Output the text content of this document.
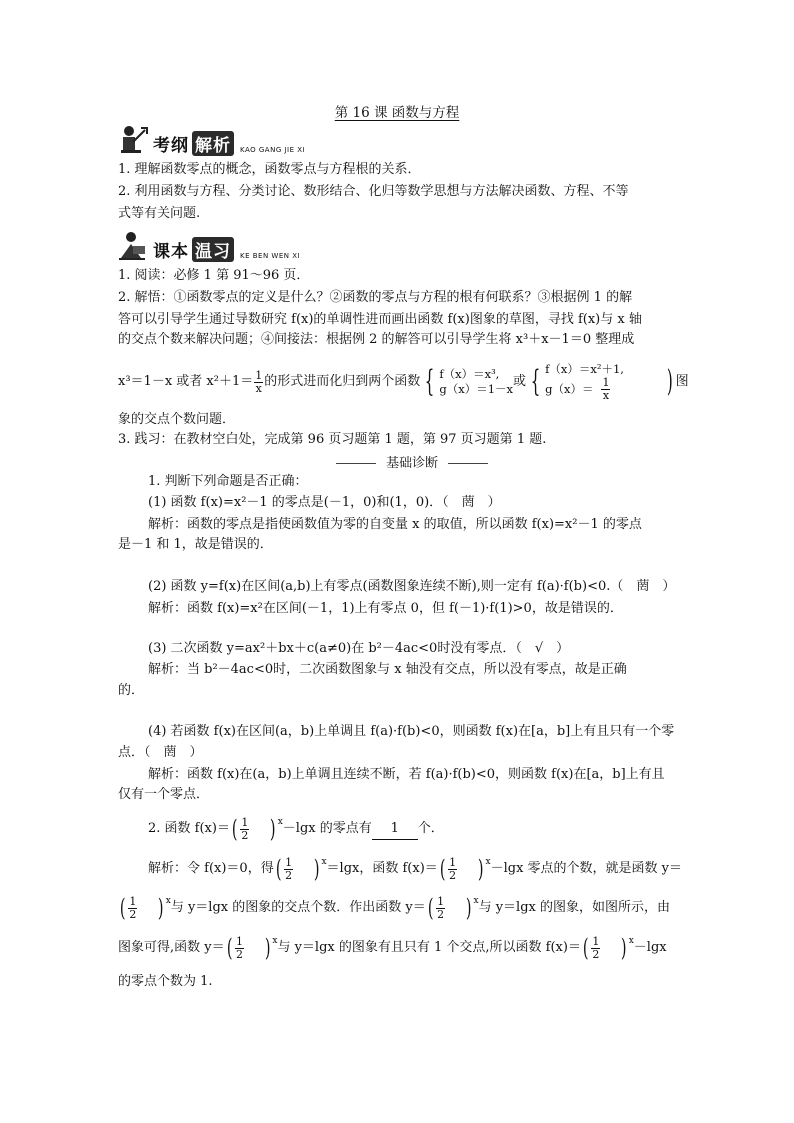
第 16 课 函数与方程
考纲 解析	KAO GANG JIE XI
1. 理解函数零点的概念，函数零点与方程根的关系．
2. 利用函数与方程、分类讨论、数形结合、化归等数学思想与方法解决函数、方程、不等
式等有关问题.
课本 温习	KE BEN WEN XI
1. 阅读：必修 1 第 91～96 页．
2. 解悟：①函数零点的定义是什么？②函数的零点与方程的根有何联系？③根据例 1 的解
答可以引导学生通过导数研究 f(x)的单调性进而画出函数 f(x)图象的草图，寻找 f(x)与 x 轴
的交点个数来解决问题；④间接法：根据例 2 的解答可以引导学生将 x³＋x－1＝0 整理成
x³＝1－x 或者 $x^2+1= \frac{1}{x}$ 的形式进而化归到两个函数 { f（x）＝x³,
g（x）＝1－x 或 { f（x）＝x²＋1,
$g(x)= \frac{1}{x}$ ) 图
象的交点个数问题．
3. 践习：在教材空白处，完成第 96 页习题第 1 题，第 97 页习题第 1 题.
基础诊断
1. 判断下列命题是否正确：
(1) 函数 f(x)=x²－1 的零点是(－1，0)和(1，0)．（　菵　）
解析：函数的零点是指使函数值为零的自变量 x 的取值，所以函数 f(x)=x²－1 的零点
是－1 和 1，故是错误的．
(2) 函数 y=f(x)在区间(a,b)上有零点(函数图象连续不断),则一定有 f(a)·f(b)<0.（　菵　）
解析：函数 f(x)=x²在区间(－1，1)上有零点 0，但 f(－1)·f(1)>0，故是错误的．
(3) 二次函数 y=ax²＋bx＋c(a≠0)在 b²－4ac<0时没有零点．（　√　）
解析：当 b²－4ac<0时，二次函数图象与 x 轴没有交点，所以没有零点，故是正确
的．
(4) 若函数 f(x)在区间(a，b)上单调且 f(a)·f(b)<0，则函数 f(x)在[a，b]上有且只有一个零
点．（　菵　）
解析：函数 f(x)在(a，b)上单调且连续不断，若 f(a)·f(b)<0，则函数 f(x)在[a，b]上有且
仅有一个零点．
2. 函数 f(x)＝ ( $\frac{1}{2}$ ) x －lgx 的零点有	1	个．
解析：令 f(x)＝0，得 ( $\frac{1}{2}$ ) x ＝lgx，函数 f(x)＝ ( $\frac{1}{2}$ ) x －lgx 零点的个数，就是函数 y＝
( $\frac{1}{2}$ ) x 与 y＝lgx 的图象的交点个数．作出函数 y＝ ( $\frac{1}{2}$ ) x 与 y＝lgx 的图象，如图所示，由
图象可得,函数 y＝ ( $\frac{1}{2}$ ) x 与 y＝lgx 的图象有且只有 1 个交点,所以函数 f(x)＝ ( $\frac{1}{2}$ ) x －lgx
的零点个数为 1.
